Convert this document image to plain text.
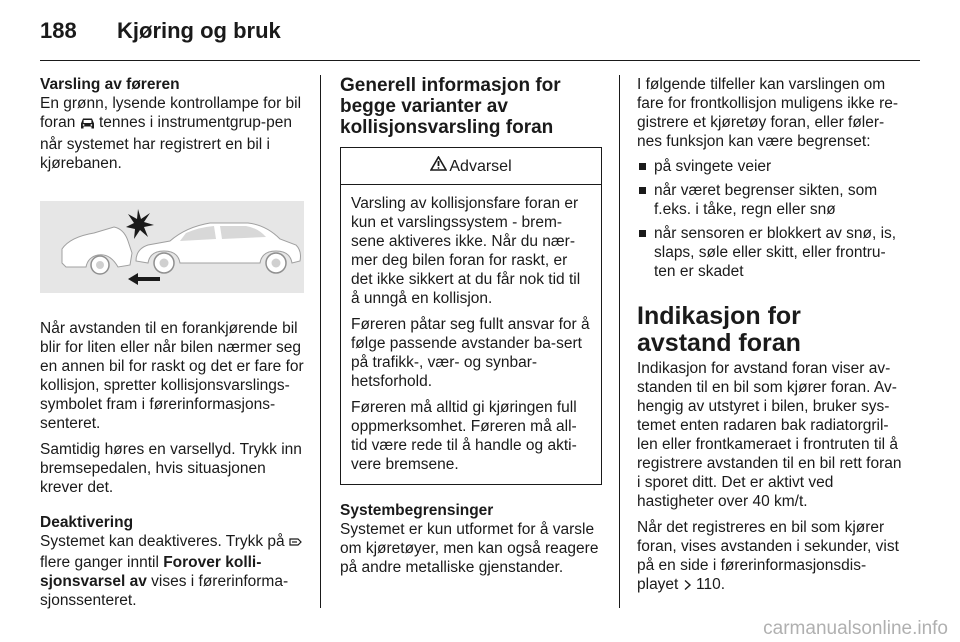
188 Kjøring og bruk

Varsling av føreren

En grønn, lysende kontrollampe for bil foran  tennes i instrumentgrup-pen når systemet har registrert en bil i kjørebanen.

Når avstanden til en forankjørende bil blir for liten eller når bilen nærmer seg en annen bil for raskt og det er fare for kollisjon, spretter kollisjonsvarslings-symbolet fram i førerinformasjons-senteret.

Samtidig høres en varsellyd. Trykk inn bremsepedalen, hvis situasjonen krever det.

Deaktivering

Systemet kan deaktiveres. Trykk på  flere ganger inntil Forover kolli-sjonsvarsel av vises i førerinforma-sjonssenteret.

Generell informasjon for begge varianter av kollisjonsvarsling foran

Advarsel

Varsling av kollisjonsfare foran er kun et varslingssystem - brem-sene aktiveres ikke. Når du nær-mer deg bilen foran for raskt, er det ikke sikkert at du får nok tid til å unngå en kollisjon.

Føreren påtar seg fullt ansvar for å følge passende avstander ba-sert på trafikk-, vær- og synbar-hetsforhold.

Føreren må alltid gi kjøringen full oppmerksomhet. Føreren må all-tid være rede til å handle og akti-vere bremsene.

Systembegrensinger

Systemet er kun utformet for å varsle om kjøretøyer, men kan også reagere på andre metalliske gjenstander.

I følgende tilfeller kan varslingen om fare for frontkollisjon muligens ikke re-gistrere et kjøretøy foran, eller føler-nes funksjon kan være begrenset:

på svingete veier
når været begrenser sikten, som f.eks. i tåke, regn eller snø
når sensoren er blokkert av snø, is, slaps, søle eller skitt, eller frontru-ten er skadet

Indikasjon for avstand foran

Indikasjon for avstand foran viser av-standen til en bil som kjører foran. Av-hengig av utstyret i bilen, bruker sys-temet enten radaren bak radiatorgril-len eller frontkameraet i frontruten til å registrere avstanden til en bil rett foran i sporet ditt. Det er aktivt ved hastigheter over 40 km/t.

Når det registreres en bil som kjører foran, vises avstanden i sekunder, vist på en side i førerinformasjonsdis-playet  110.

carmanualsonline.info
